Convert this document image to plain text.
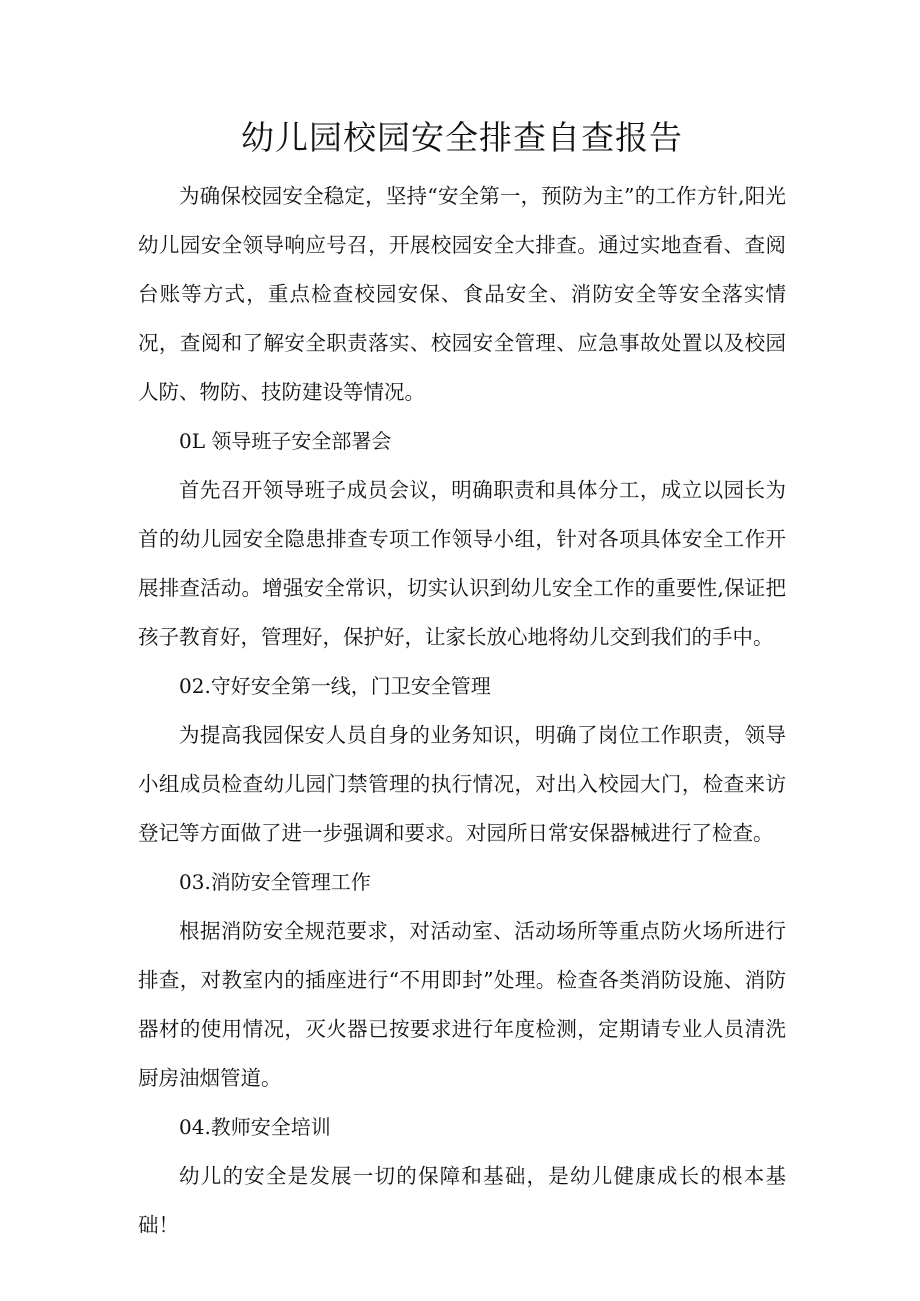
幼儿园校园安全排查自查报告

为确保校园安全稳定，坚持“安全第一，预防为主”的工作方针,阳光幼儿园安全领导响应号召，开展校园安全大排查。通过实地查看、查阅台账等方式，重点检查校园安保、食品安全、消防安全等安全落实情况，查阅和了解安全职责落实、校园安全管理、应急事故处置以及校园人防、物防、技防建设等情况。

0L 领导班子安全部署会

首先召开领导班子成员会议，明确职责和具体分工，成立以园长为首的幼儿园安全隐患排查专项工作领导小组，针对各项具体安全工作开展排查活动。增强安全常识，切实认识到幼儿安全工作的重要性,保证把孩子教育好，管理好，保护好，让家长放心地将幼儿交到我们的手中。

02.守好安全第一线，门卫安全管理

为提高我园保安人员自身的业务知识，明确了岗位工作职责，领导小组成员检查幼儿园门禁管理的执行情况，对出入校园大门，检查来访登记等方面做了进一步强调和要求。对园所日常安保器械进行了检查。

03.消防安全管理工作

根据消防安全规范要求，对活动室、活动场所等重点防火场所进行排查，对教室内的插座进行“不用即封”处理。检查各类消防设施、消防器材的使用情况，灭火器已按要求进行年度检测，定期请专业人员清洗厨房油烟管道。

04.教师安全培训

幼儿的安全是发展一切的保障和基础，是幼儿健康成长的根本基础！
